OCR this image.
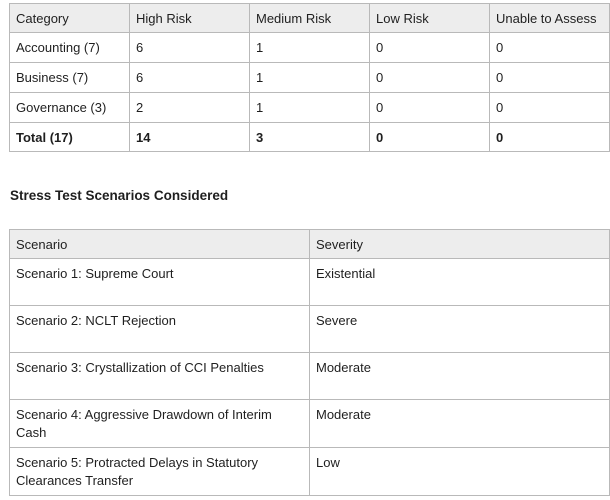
Category	High Risk	Medium Risk	Low Risk	Unable to Assess
Accounting (7)	6	1	0	0
Business (7)	6	1	0	0
Governance (3)	2	1	0	0
Total (17)	14	3	0	0
Stress Test Scenarios Considered
Scenario	Severity
Scenario 1: Supreme Court	Existential
Scenario 2: NCLT Rejection	Severe
Scenario 3: Crystallization of CCI Penalties	Moderate
Scenario 4: Aggressive Drawdown of Interim Cash	Moderate
Scenario 5: Protracted Delays in Statutory Clearances Transfer	Low
